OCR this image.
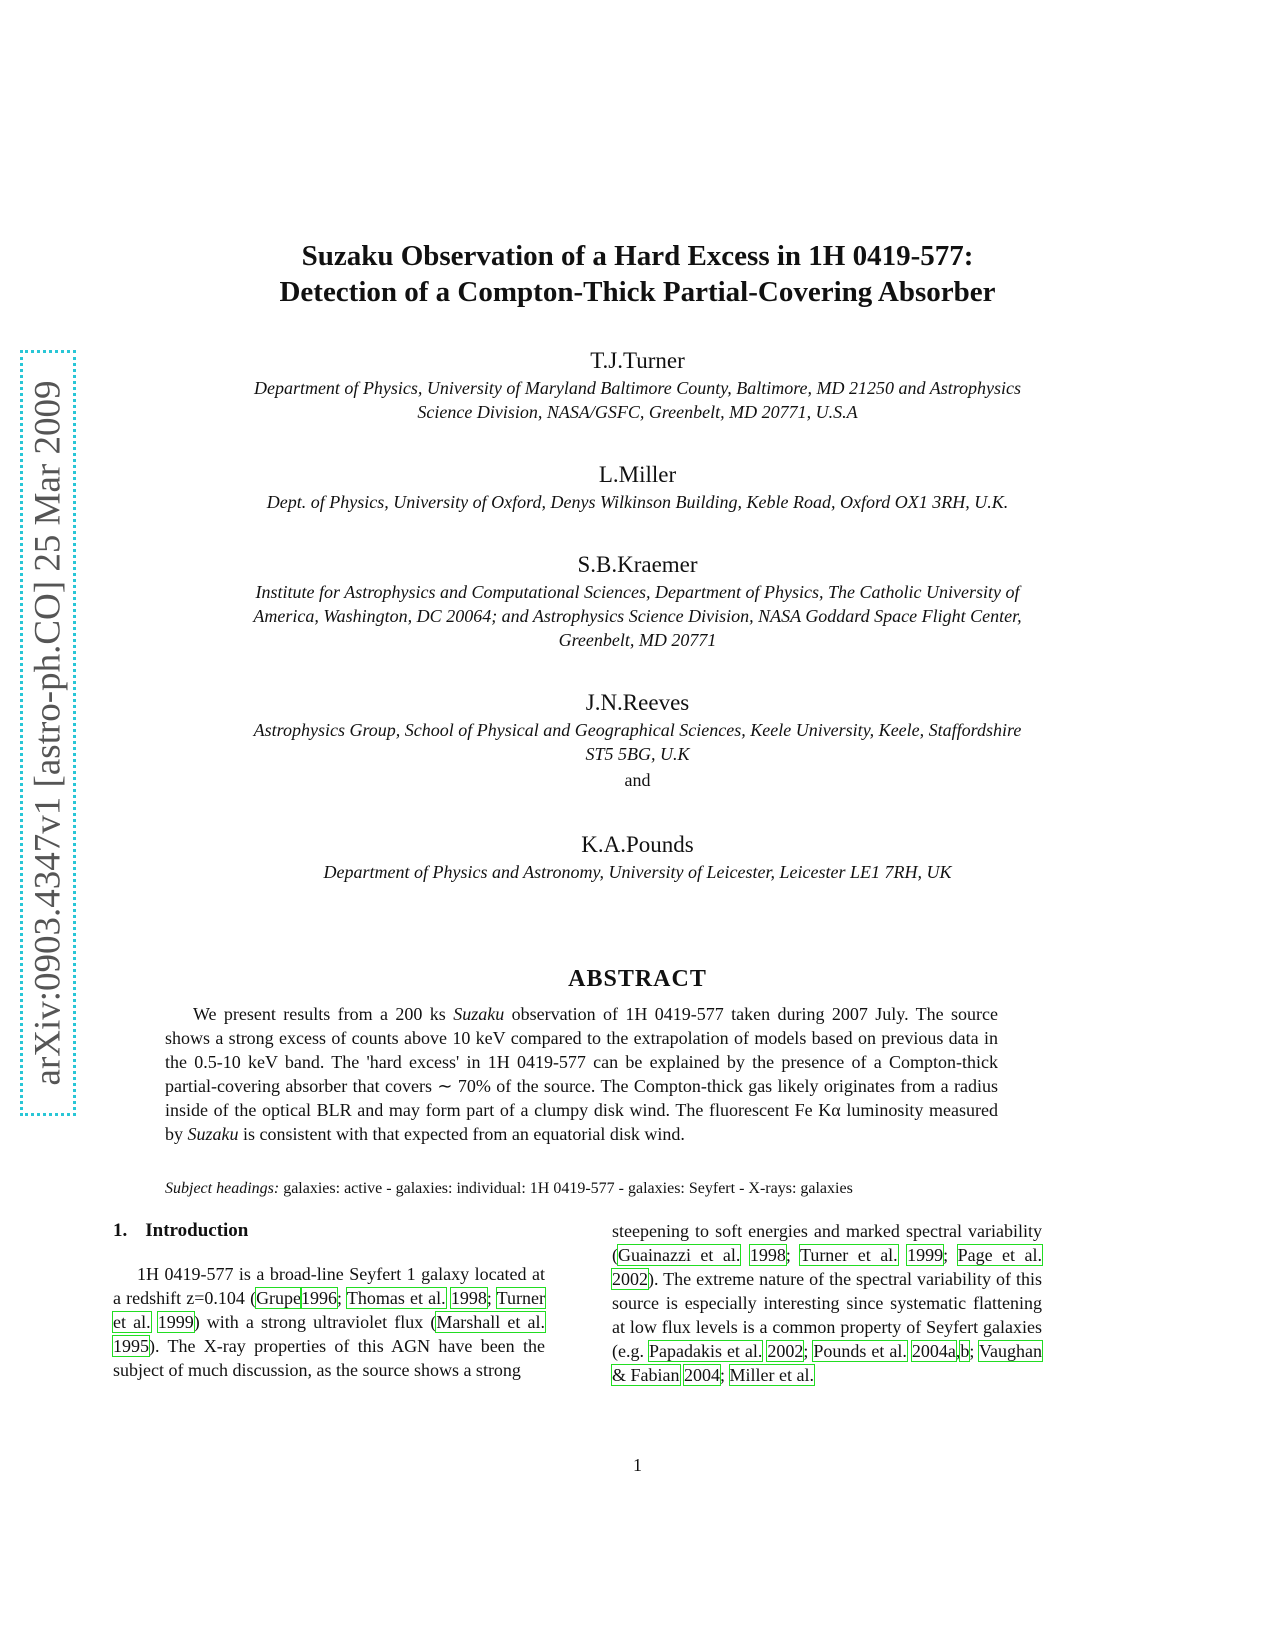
arXiv:0903.4347v1 [astro-ph.CO] 25 Mar 2009
Suzaku Observation of a Hard Excess in 1H 0419-577:
Detection of a Compton-Thick Partial-Covering Absorber
T.J.Turner
Department of Physics, University of Maryland Baltimore County, Baltimore, MD 21250 and Astrophysics
Science Division, NASA/GSFC, Greenbelt, MD 20771, U.S.A
L.Miller
Dept. of Physics, University of Oxford, Denys Wilkinson Building, Keble Road, Oxford OX1 3RH, U.K.
S.B.Kraemer
Institute for Astrophysics and Computational Sciences, Department of Physics, The Catholic University of
America, Washington, DC 20064; and Astrophysics Science Division, NASA Goddard Space Flight Center,
Greenbelt, MD 20771
J.N.Reeves
Astrophysics Group, School of Physical and Geographical Sciences, Keele University, Keele, Staffordshire
ST5 5BG, U.K
and
K.A.Pounds
Department of Physics and Astronomy, University of Leicester, Leicester LE1 7RH, UK
ABSTRACT
We present results from a 200 ks Suzaku observation of 1H 0419-577 taken during 2007 July. The source shows a strong excess of counts above 10 keV compared to the extrapolation of models based on previous data in the 0.5-10 keV band. The 'hard excess' in 1H 0419-577 can be explained by the presence of a Compton-thick partial-covering absorber that covers ∼ 70% of the source. The Compton-thick gas likely originates from a radius inside of the optical BLR and may form part of a clumpy disk wind. The fluorescent Fe Kα luminosity measured by Suzaku is consistent with that expected from an equatorial disk wind.
Subject headings: galaxies: active - galaxies: individual: 1H 0419-577 - galaxies: Seyfert - X-rays: galaxies
1. Introduction
1H 0419-577 is a broad-line Seyfert 1 galaxy located at a redshift z=0.104 (Grupe1996; Thomas et al. 1998; Turner et al. 1999) with a strong ultraviolet flux (Marshall et al. 1995). The X-ray properties of this AGN have been the subject of much discussion, as the source shows a strong
steepening to soft energies and marked spectral variability (Guainazzi et al. 1998; Turner et al. 1999; Page et al. 2002). The extreme nature of the spectral variability of this source is especially interesting since systematic flattening at low flux levels is a common property of Seyfert galaxies (e.g. Papadakis et al. 2002; Pounds et al. 2004a,b; Vaughan & Fabian 2004; Miller et al.
1
